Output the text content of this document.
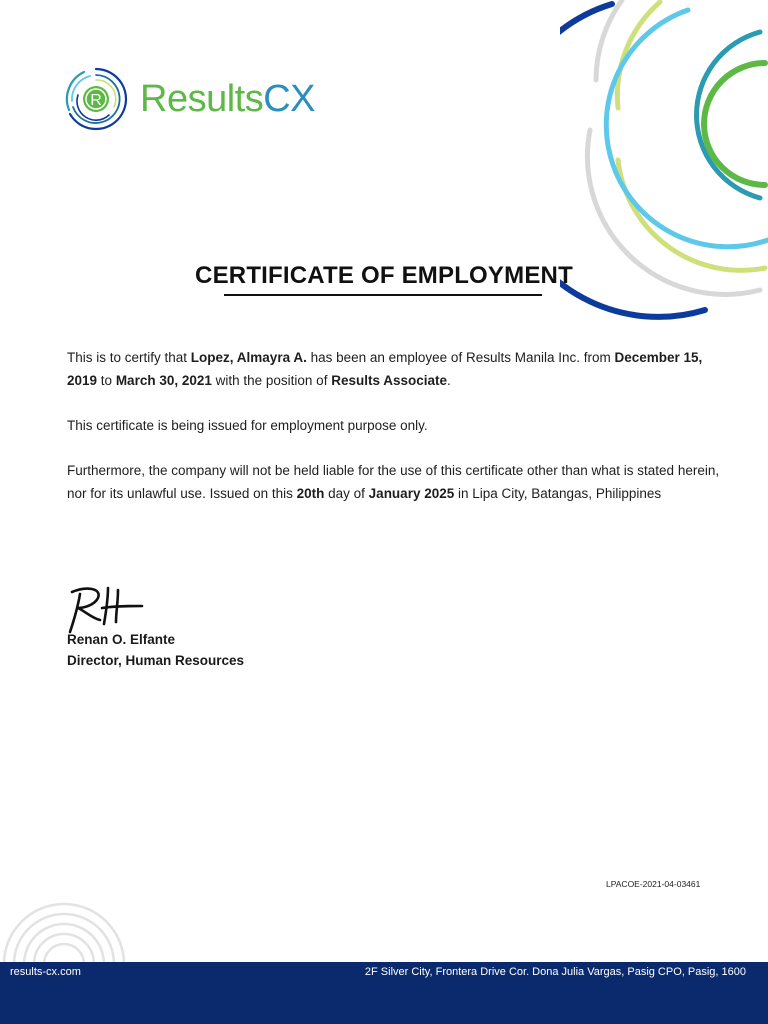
R ResultsCX
CERTIFICATE OF EMPLOYMENT
This is to certify that Lopez, Almayra A. has been an employee of Results Manila Inc. from December 15, 2019 to March 30, 2021 with the position of Results Associate.
This certificate is being issued for employment purpose only.
Furthermore, the company will not be held liable for the use of this certificate other than what is stated herein, nor for its unlawful use. Issued on this 20th day of January 2025 in Lipa City, Batangas, Philippines
Renan O. Elfante
Director, Human Resources
LPACOE-2021-04-03461
results-cx.com	2F Silver City, Frontera Drive Cor. Dona Julia Vargas, Pasig CPO, Pasig, 1600
